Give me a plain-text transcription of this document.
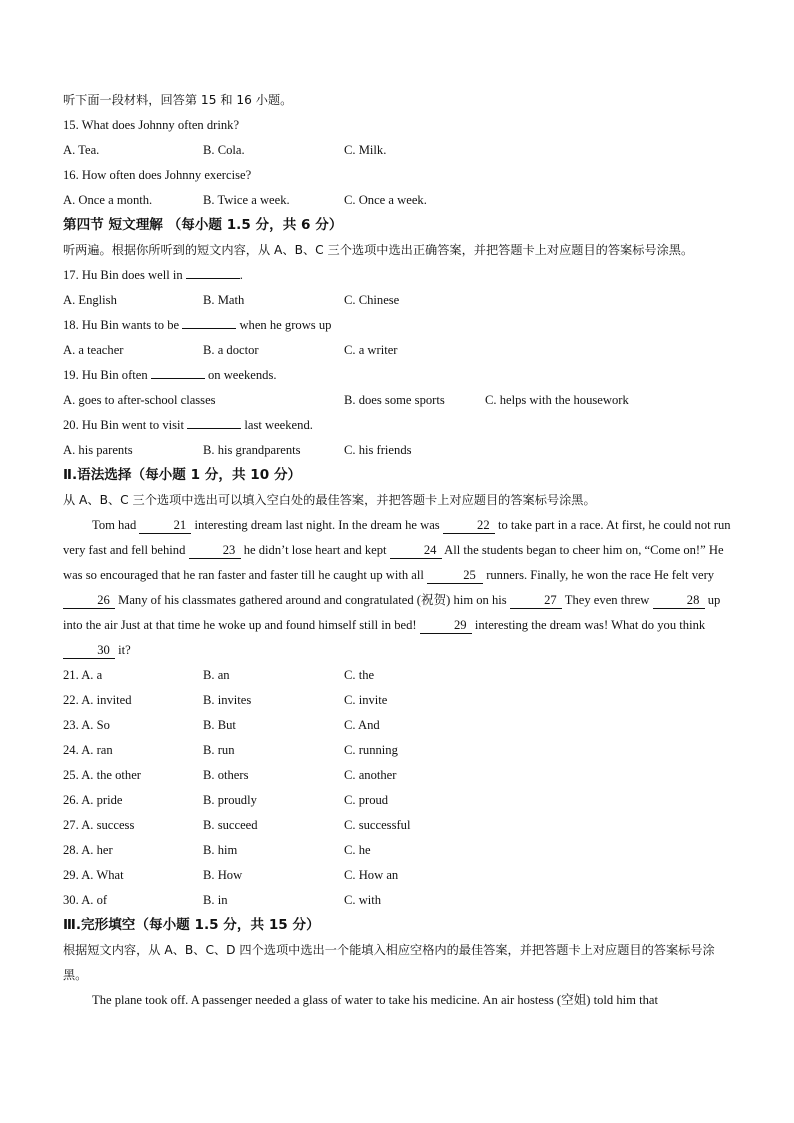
听下面一段材料，回答第 15 和 16 小题。
15. What does Johnny often drink?
A. Tea.	B. Cola.	C. Milk.
16. How often does Johnny exercise?
A. Once a month.	B. Twice a week.	C. Once a week.
第四节 短文理解 （每小题 1.5 分，共 6 分）
听两遍。根据你所听到的短文内容，从 A、B、C 三个选项中选出正确答案，并把答题卡上对应题目的答案标号涂黑。
17. Hu Bin does well in	.
A. English	B. Math	C. Chinese
18. Hu Bin wants to be	when he grows up
A. a teacher	B. a doctor	C. a writer
19. Hu Bin often	on weekends.
A. goes to after-school classes	B. does some sports	C. helps with the housework
20. Hu Bin went to visit	last weekend.
A. his parents	B. his grandparents	C. his friends
Ⅱ.语法选择（每小题 1 分，共 10 分）
从 A、B、C 三个选项中选出可以填入空白处的最佳答案，并把答题卡上对应题目的答案标号涂黑。
Tom had	21 interesting dream last night. In the dream he was	22 to take part in a race. At first, he could not run very fast and fell behind	23 he didn’t lose heart and kept	24 All the students began to cheer him on, “Come on!” He was so encouraged that he ran faster and faster till he caught up with all	25 runners. Finally, he won the race He felt very 26 Many of his classmates gathered around and congratulated (祝贺) him on his	27 They even threw	28 up into the air Just at that time he woke up and found himself still in bed!	29 interesting the dream was! What do you think 30 it?
21. A. a	B. an	C. the
22. A. invited	B. invites	C. invite
23. A. So	B. But	C. And
24. A. ran	B. run	C. running
25. A. the other	B. others	C. another
26. A. pride	B. proudly	C. proud
27. A. success	B. succeed	C. successful
28. A. her	B. him	C. he
29. A. What	B. How	C. How an
30. A. of	B. in	C. with
Ⅲ.完形填空（每小题 1.5 分，共 15 分）
根据短文内容，从 A、B、C、D 四个选项中选出一个能填入相应空格内的最佳答案，并把答题卡上对应题目的答案标号涂黑。
The plane took off. A passenger needed a glass of water to take his medicine. An air hostess (空姐) told him that
